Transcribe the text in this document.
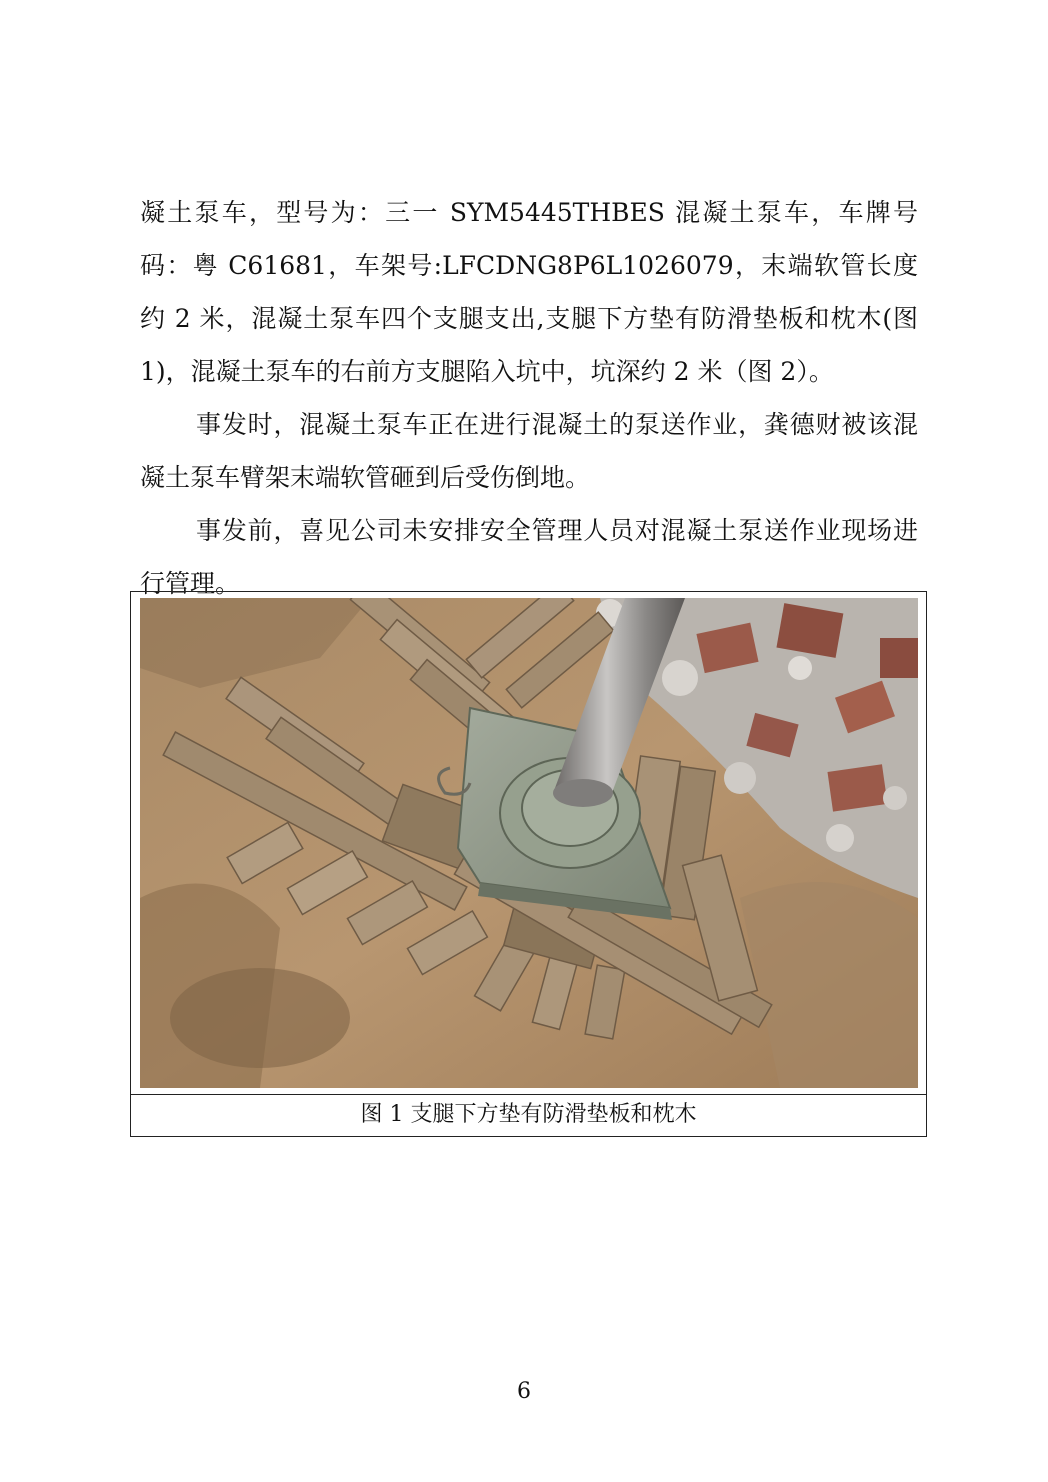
凝土泵车，型号为：三一 SYM5445THBES 混凝土泵车，车牌号码：粤 C61681，车架号:LFCDNG8P6L1026079，末端软管长度约 2 米，混凝土泵车四个支腿支出,支腿下方垫有防滑垫板和枕木(图1)，混凝土泵车的右前方支腿陷入坑中，坑深约 2 米（图 2）。

事发时，混凝土泵车正在进行混凝土的泵送作业，龚德财被该混凝土泵车臂架末端软管砸到后受伤倒地。

事发前，喜见公司未安排安全管理人员对混凝土泵送作业现场进行管理。

图 1 支腿下方垫有防滑垫板和枕木
6
